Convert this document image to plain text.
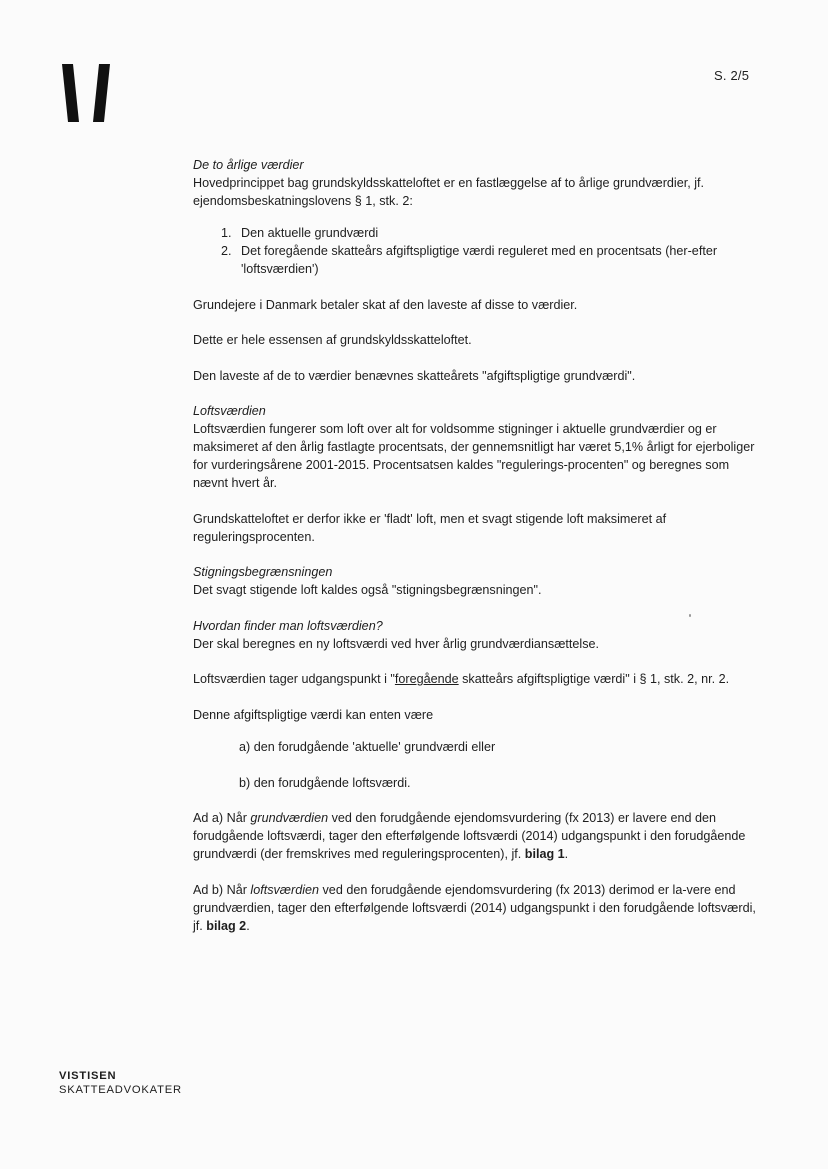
S. 2/5

De to årlige værdier

Hovedprincippet bag grundskyldsskatteloftet er en fastlæggelse af to årlige grundværdier, jf. ejendomsbeskatningslovens § 1, stk. 2:

1. Den aktuelle grundværdi
2. Det foregående skatteårs afgiftspligtige værdi reguleret med en procentsats (her-efter 'loftsværdien')

Grundejere i Danmark betaler skat af den laveste af disse to værdier.

Dette er hele essensen af grundskyldsskatteloftet.

Den laveste af de to værdier benævnes skatteårets "afgiftspligtige grundværdi".

Loftsværdien

Loftsværdien fungerer som loft over alt for voldsomme stigninger i aktuelle grundværdier og er maksimeret af den årlig fastlagte procentsats, der gennemsnitligt har været 5,1% årligt for ejerboliger for vurderingsårene 2001-2015. Procentsatsen kaldes "regulerings-procenten" og beregnes som nævnt hvert år.

Grundskatteloftet er derfor ikke er 'fladt' loft, men et svagt stigende loft maksimeret af reguleringsprocenten.

Stigningsbegrænsningen

Det svagt stigende loft kaldes også "stigningsbegrænsningen".

Hvordan finder man loftsværdien?

Der skal beregnes en ny loftsværdi ved hver årlig grundværdiansættelse.

Loftsværdien tager udgangspunkt i "foregående skatteårs afgiftspligtige værdi" i § 1, stk. 2, nr. 2.

Denne afgiftspligtige værdi kan enten være

a) den forudgående 'aktuelle' grundværdi eller

b) den forudgående loftsværdi.

Ad a) Når grundværdien ved den forudgående ejendomsvurdering (fx 2013) er lavere end den forudgående loftsværdi, tager den efterfølgende loftsværdi (2014) udgangspunkt i den forudgående grundværdi (der fremskrives med reguleringsprocenten), jf. bilag 1.

Ad b) Når loftsværdien ved den forudgående ejendomsvurdering (fx 2013) derimod er la-vere end grundværdien, tager den efterfølgende loftsværdi (2014) udgangspunkt i den forudgående loftsværdi, jf. bilag 2.

VISTISEN
SKATTEADVOKATER
